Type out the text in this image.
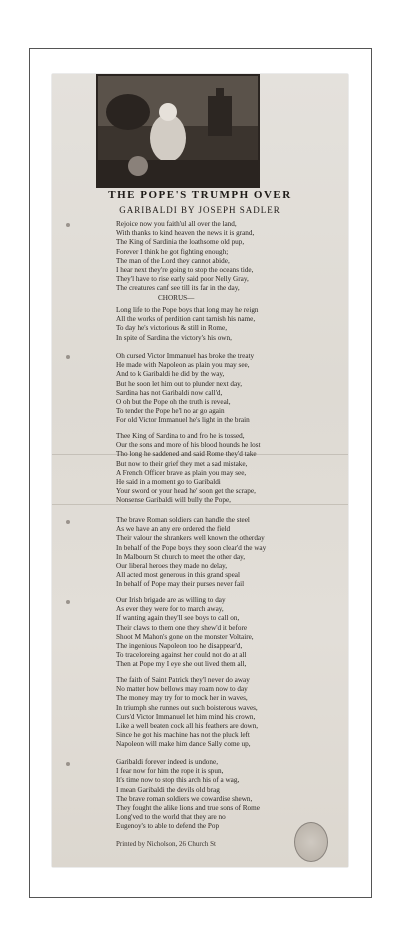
THE POPE'S TRUMPH OVER
GARIBALDI BY JOSEPH SADLER
Rejoice now you faith'ul all over the land,
With thanks to kind heaven the news it is grand,
The King of Sardinia the loathsome old pup,
Forever I think he got fighting enough;
The man of the Lord they cannot abide,
I hear next they're going to stop the oceans tide,
They'l have to rise early said poor Nelly Gray,
The creatures canf see till its far in the day,
CHORUS—
Long life to the Pope boys that long may he reign
All the works of perdition cant tarnish his name,
To day he's victorious & still in Rome,
In spite of Sardina the victory's his own,
Oh cursed Victor Immanuel has broke the treaty
He made with Napoleon as plain you may see,
And to k Garibaldi he did by the way,
But he soon let him out to plunder next day,
Sardina has not Garibaldi now call'd,
O oh but the Pope oh the truth is reveal,
To tender the Pope he'l no ar go again
For old Victor Immanuel he's light in the brain
Thee King of Sardina to and fro he is tossed,
Our the sons and more of his blood hounds he lost
Tho long he saddened and said Rome they'd take
But now to their grief they met a sad mistake,
A French Officer brave as plain you may see,
He said in a moment go to Garibaldi
Your sword or your head he' soon get the scrape,
Nonsense Garibaldi will bully the Pope,
The brave Roman soldiers can handle the steel
As we have an any ere ordered the field
Their valour the shrankers well known the otherday
In behalf of the Pope boys they soon clear'd the way
In Malbourn St church to meet the other day,
Our liberal heroes they made no delay,
All acted most generous in this grand speal
In behalf of Pope may their purses never fail
Our Irish brigade are as willing to day
As ever they were for to march away,
If wanting again they'll see boys to call on,
Their claws to them one they shew'd it before
Shoot M Mahon's gone on the monster Voltaire,
The ingenious Napoleon too he disappear'd,
To traceloreing against her could not do at all
Then at Pope my I eye she out lived them all,
The faith of Saint Patrick they'l never do away
No matter how bellows may roam now to day
The money may try for to mock her in waves,
In triumph she runnes out such boisterous waves,
Curs'd Victor Immanuel let him mind his crown,
Like a well beaten cock all his feathers are down,
Since he got his machine has not the pluck left
Napoleon will make him dance Sally come up,
Garibaldi forever indeed is undone,
I fear now for him the rope it is spun,
It's time now to stop this arch his of a wag,
I mean Garibaldi the devils old brag
The brave roman soldiers we cowardise shewn,
They fought the alike lions and true sons of Rome
Long'ved to the world that they are no
Eugenoy's to able to defend the Pop
Printed by Nicholson, 26 Church St
